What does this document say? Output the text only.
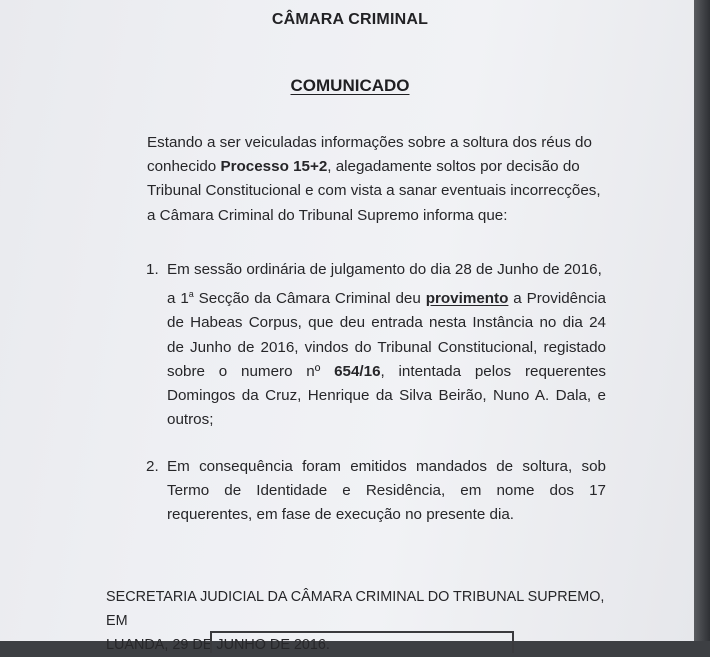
CÂMARA CRIMINAL
COMUNICADO
Estando a ser veiculadas informações sobre a soltura dos réus do
conhecido Processo 15+2, alegadamente soltos por decisão do
Tribunal Constitucional e com vista a sanar eventuais incorrecções,
a Câmara Criminal do Tribunal Supremo informa que:
1. Em sessão ordinária de julgamento do dia 28 de Junho de 2016,
a 1$^a$ Secção da Câmara Criminal deu provimento a Providência de Habeas Corpus, que deu entrada nesta Instância no dia 24 de Junho de 2016, vindos do Tribunal Constitucional, registado sobre o numero nº 654/16, intentada pelos requerentes Domingos da Cruz, Henrique da Silva Beirão, Nuno A. Dala, e outros;
2. Em consequência foram emitidos mandados de soltura, sob Termo de Identidade e Residência, em nome dos 17 requerentes, em fase de execução no presente dia.
SECRETARIA JUDICIAL DA CÂMARA CRIMINAL DO TRIBUNAL SUPREMO, EM
LUANDA, 29 DE JUNHO DE 2016.
